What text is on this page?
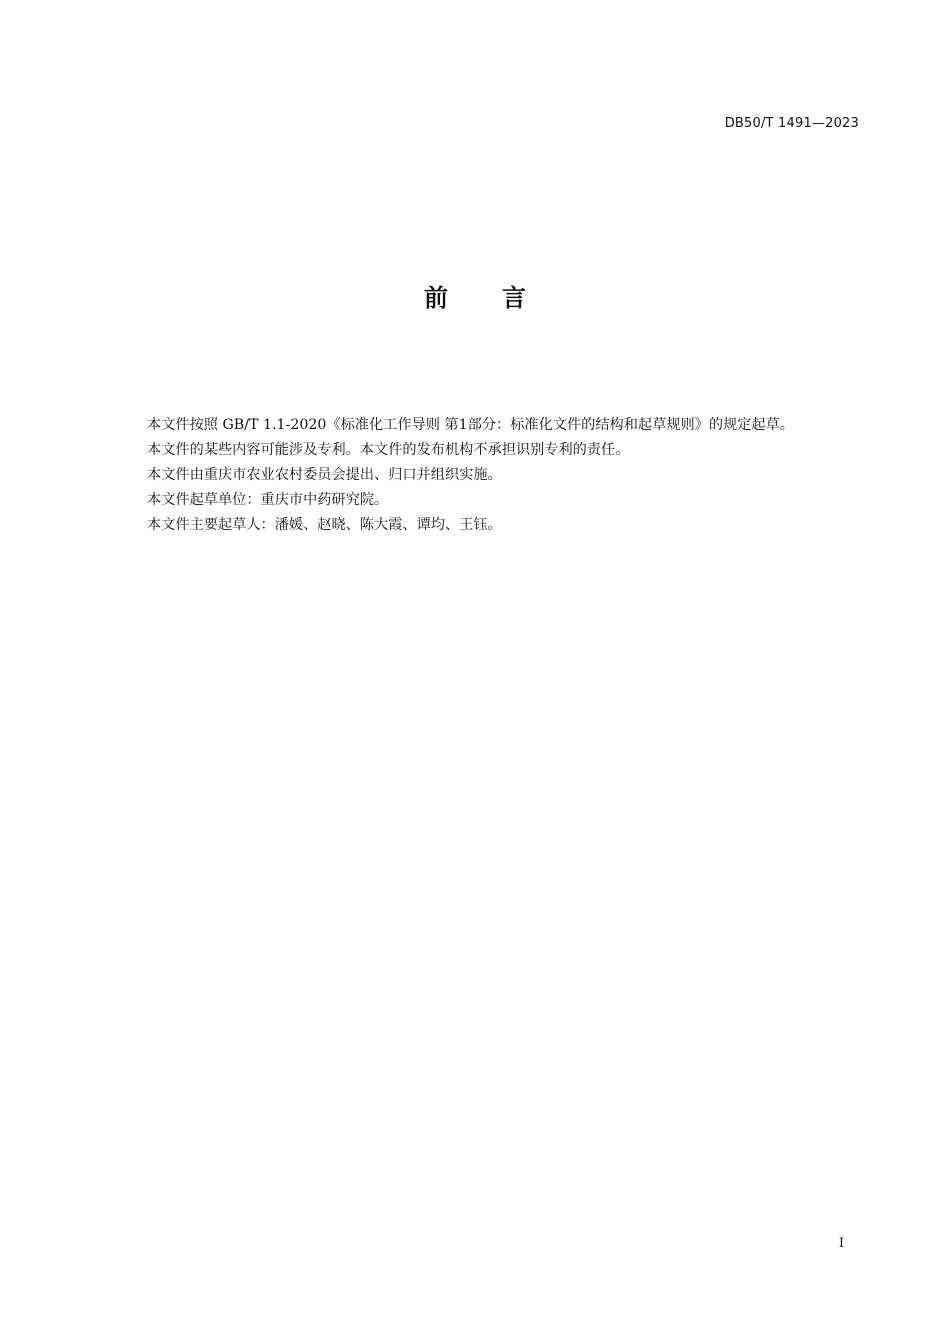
DB50/T 1491—2023
前 言

本文件按照 GB/T 1.1-2020《标准化工作导则 第1部分：标准化文件的结构和起草规则》的规定起草。

本文件的某些内容可能涉及专利。本文件的发布机构不承担识别专利的责任。

本文件由重庆市农业农村委员会提出、归口并组织实施。

本文件起草单位：重庆市中药研究院。

本文件主要起草人：潘媛、赵晓、陈大霞、谭均、王钰。

I
